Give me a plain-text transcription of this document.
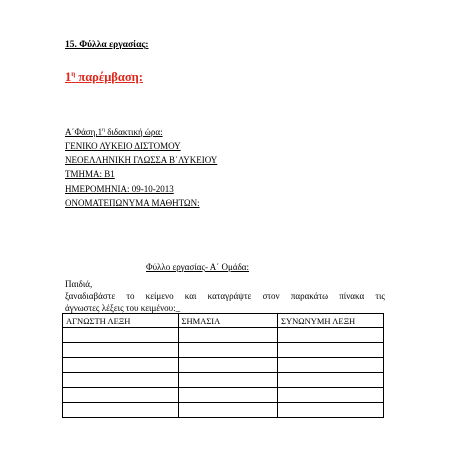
15. Φύλλα εργασίας:
$1^\eta$ παρέμβαση:
$A΄\Phi ά\sigma\eta,1^\eta$ διδακτική ώρα:
ΓΕΝΙΚΟ ΛΥΚΕΙΟ ΔΙΣΤΟΜΟΥ
ΝΕΟΕΛΛΗΝΙΚΗ ΓΛΩΣΣΑ Β΄ΛΥΚΕΙΟΥ
ΤΜΗΜΑ: Β1
ΗΜΕΡΟΜΗΝΙΑ: 09-10-2013
ΟΝΟΜΑΤΕΠΩΝΥΜΑ ΜΑΘΗΤΩΝ:
Φύλλο εργασίας- Α΄ Ομάδα:
Παιδιά,
ξαναδιαβάστε το κείμενο και καταγράψτε στον παρακάτω πίνακα τις
άγνωστες λέξεις του κειμένου:_
ΑΓΝΩΣΤΗ ΛΕΞΗ	ΣΗΜΑΣΙΑ	ΣΥΝΩΝΥΜΗ ΛΕΞΗ
